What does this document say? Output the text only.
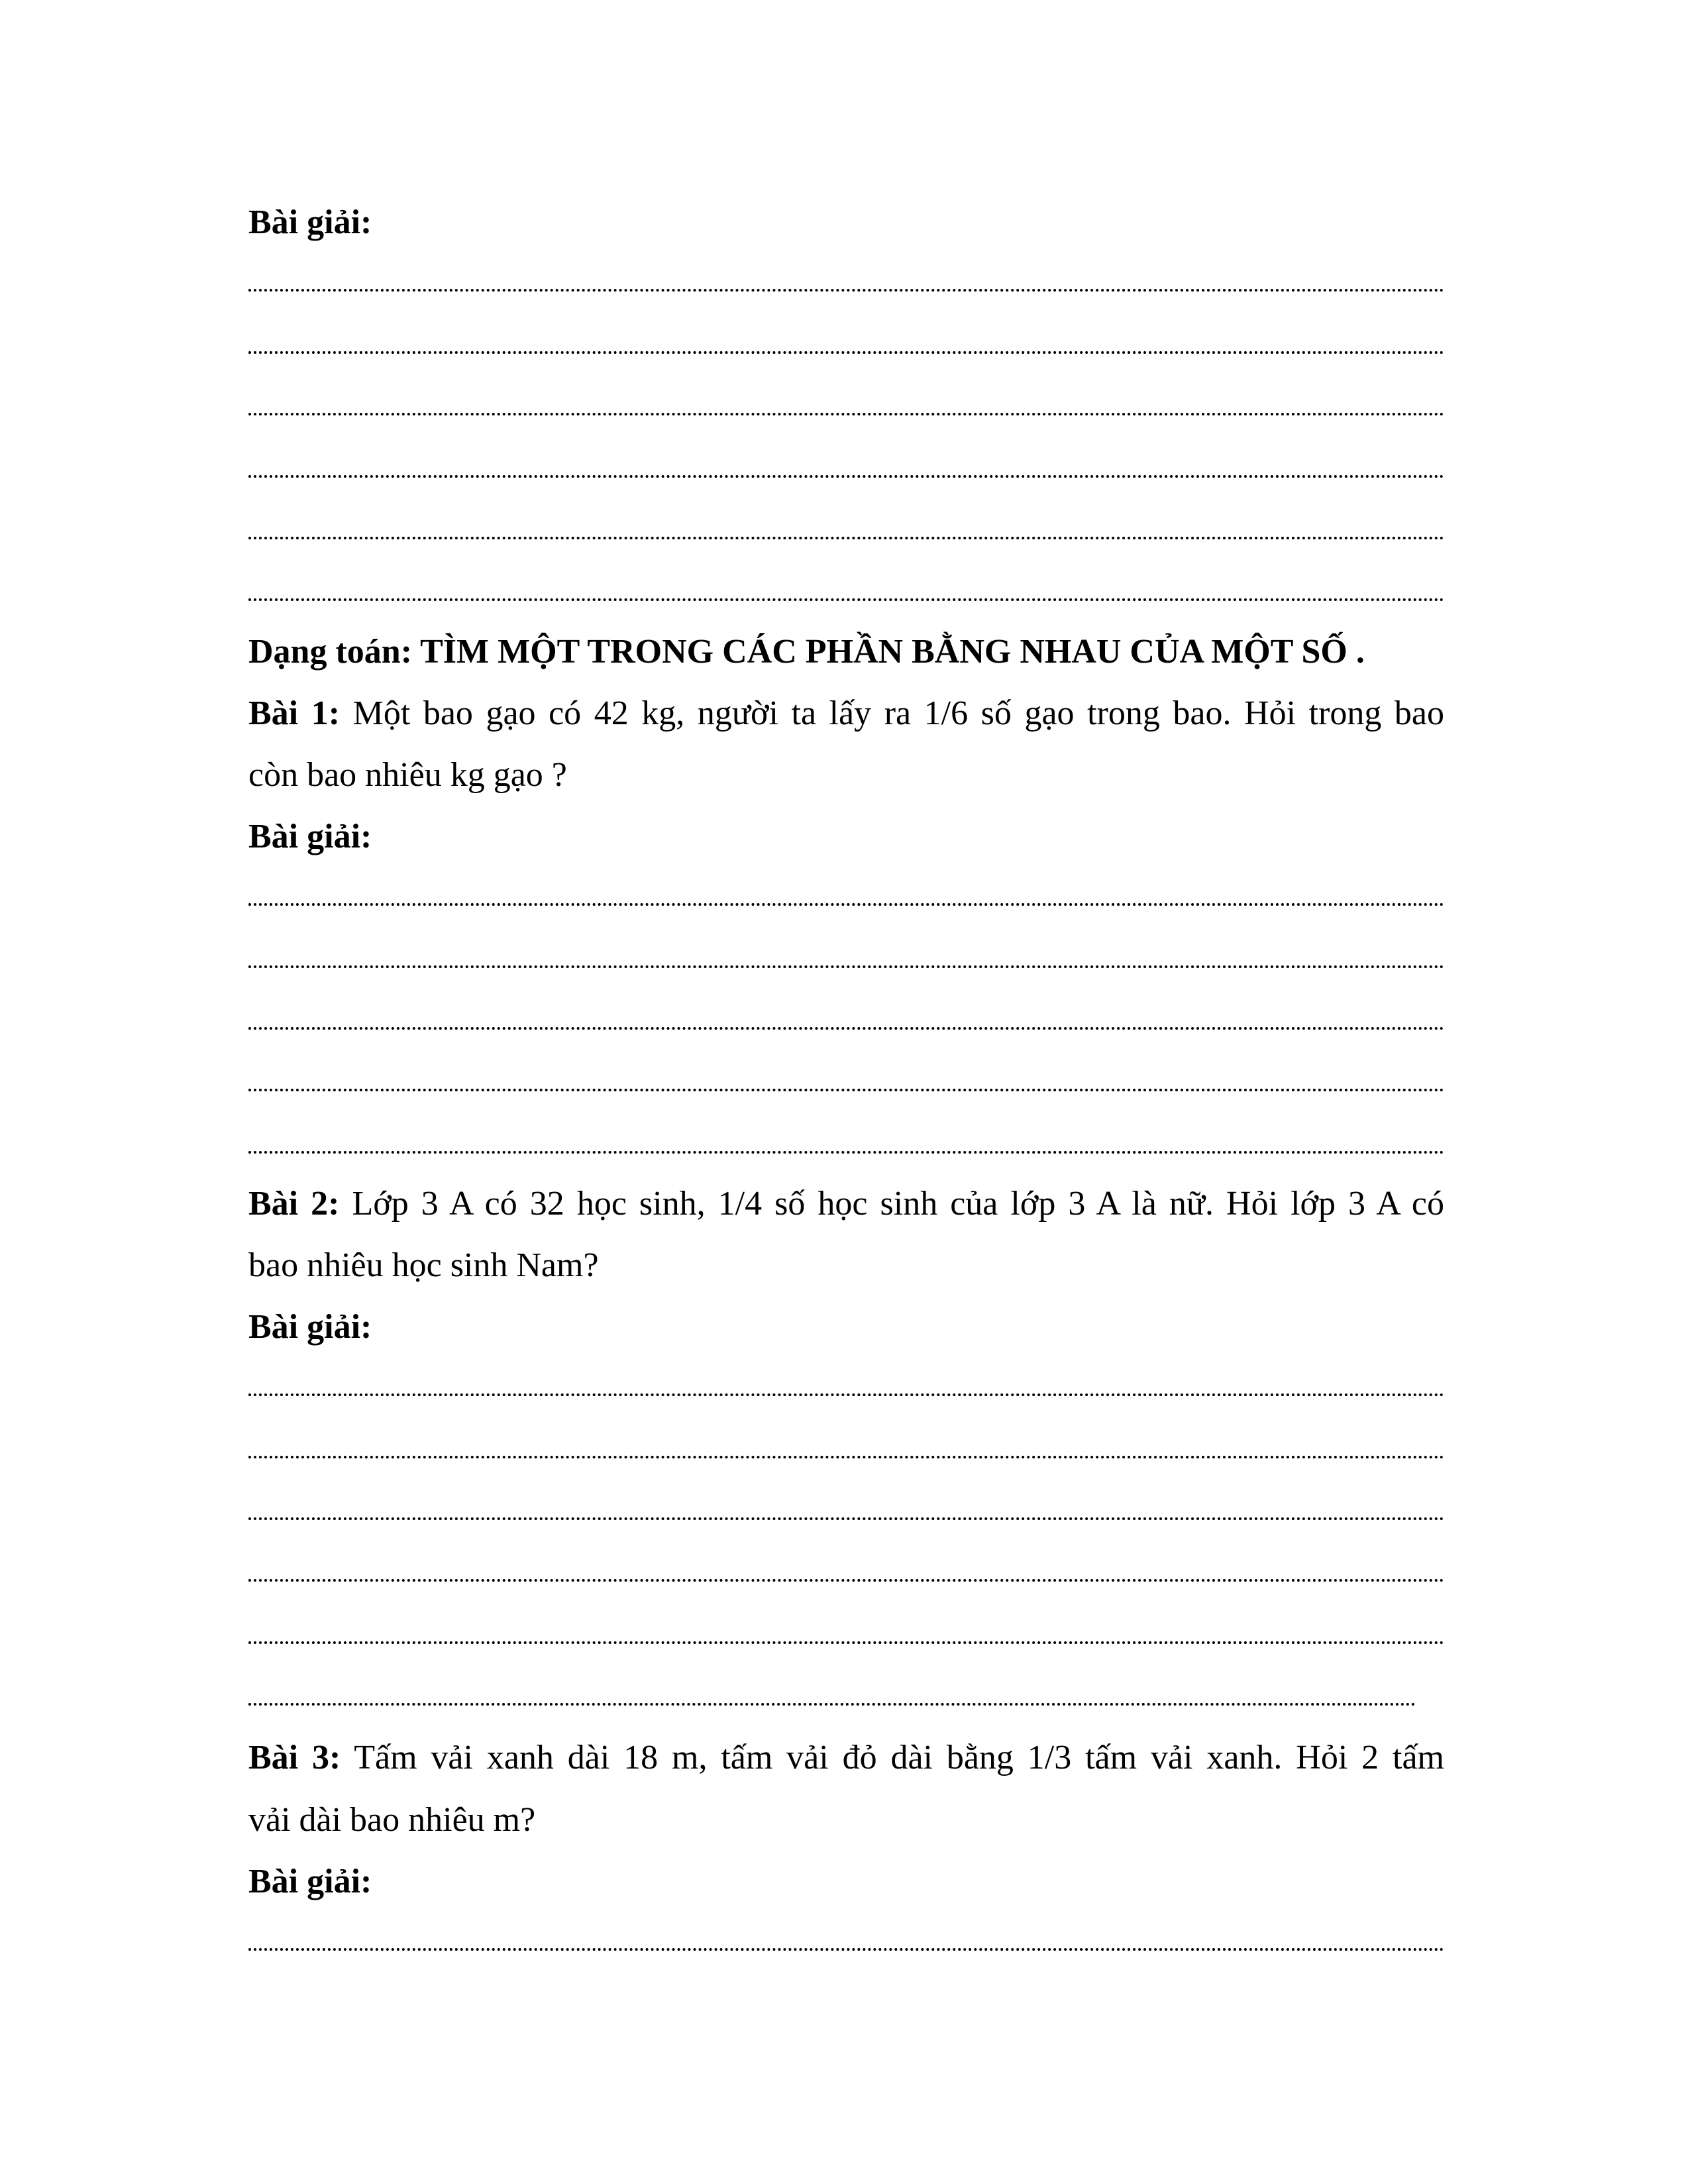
Bài giải:
Dạng toán: TÌM MỘT TRONG CÁC PHẦN BẰNG NHAU CỦA MỘT SỐ .
Bài 1: Một bao gạo có 42 kg, người ta lấy ra 1/6 số gạo trong bao. Hỏi trong bao
còn bao nhiêu kg gạo ?
Bài giải:
Bài 2: Lớp 3 A có 32 học sinh, 1/4 số học sinh của lớp 3 A là nữ. Hỏi lớp 3 A có
bao nhiêu học sinh Nam?
Bài giải:
Bài 3: Tấm vải xanh dài 18 m, tấm vải đỏ dài bằng 1/3 tấm vải xanh. Hỏi 2 tấm
vải dài bao nhiêu m?
Bài giải:
